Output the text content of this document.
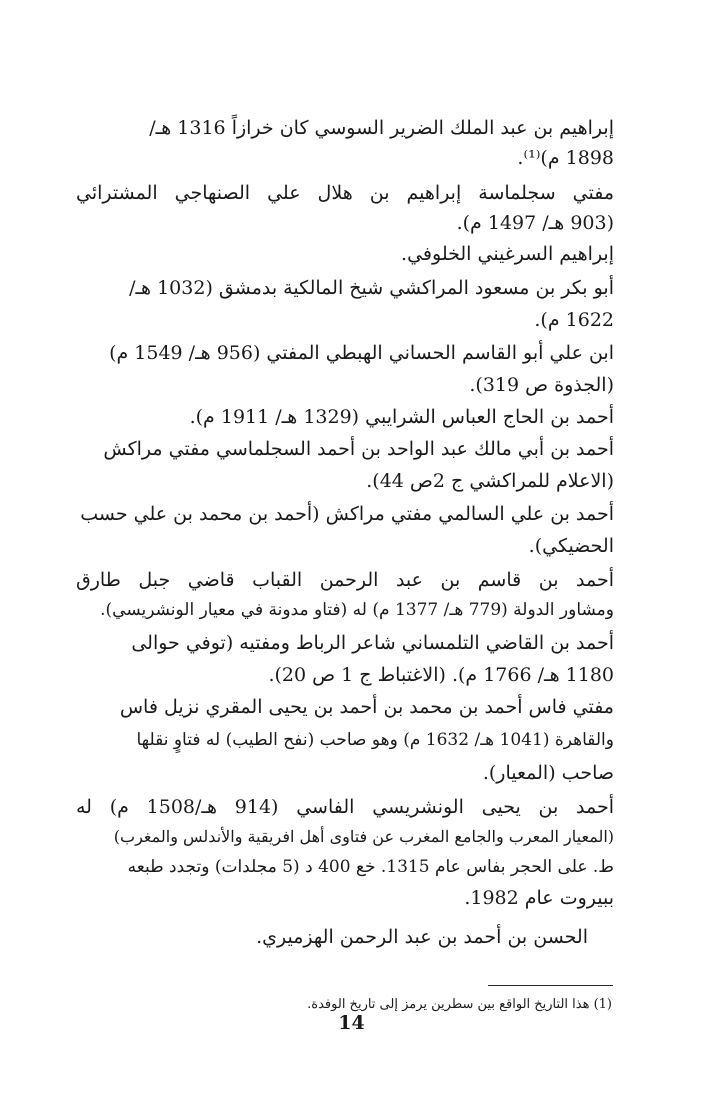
إبراهيم بن عبد الملك الضرير السوسي كان خرازاً 1316 هـ/
1898 م)⁽¹⁾.
مفتي سجلماسة إبراهيم بن هلال علي الصنهاجي المشترائي
(903 هـ/ 1497 م).
إبراهيم السرغيني الخلوفي.
أبو بكر بن مسعود المراكشي شيخ المالكية بدمشق (1032 هـ/
1622 م).
ابن علي أبو القاسم الحساني الهبطي المفتي (956 هـ/ 1549 م)
(الجذوة ص 319).
أحمد بن الحاج العباس الشرايبي (1329 هـ/ 1911 م).
أحمد بن أبي مالك عبد الواحد بن أحمد السجلماسي مفتي مراكش
(الاعلام للمراكشي ج 2ص 44).
أحمد بن علي السالمي مفتي مراكش (أحمد بن محمد بن علي حسب
الحضيكي).
أحمد بن قاسم بن عبد الرحمن القباب قاضي جبل طارق
ومشاور الدولة (779 هـ/ 1377 م) له (فتاو مدونة في معيار الونشريسي).
أحمد بن القاضي التلمساني شاعر الرباط ومفتيه (توفي حوالى
1180 هـ/ 1766 م). (الاغتباط ج 1 ص 20).
مفتي فاس أحمد بن محمد بن أحمد بن يحيى المقري نزيل فاس
والقاهرة (1041 هـ/ 1632 م) وهو صاحب (نفح الطيب) له فتاوٍ نقلها
صاحب (المعيار).
أحمد بن يحيى الونشريسي الفاسي (914 هـ/1508 م) له
(المعيار المعرب والجامع المغرب عن فتاوى أهل افريقية والأندلس والمغرب)
ط. على الحجر بفاس عام 1315. خع 400 د (5 مجلدات) وتجدد طبعه
ببيروت عام 1982.
الحسن بن أحمد بن عبد الرحمن الهزميري.
(1) هذا التاريخ الواقع بين سطرين يرمز إلى تاريخ الوفدة.
14
